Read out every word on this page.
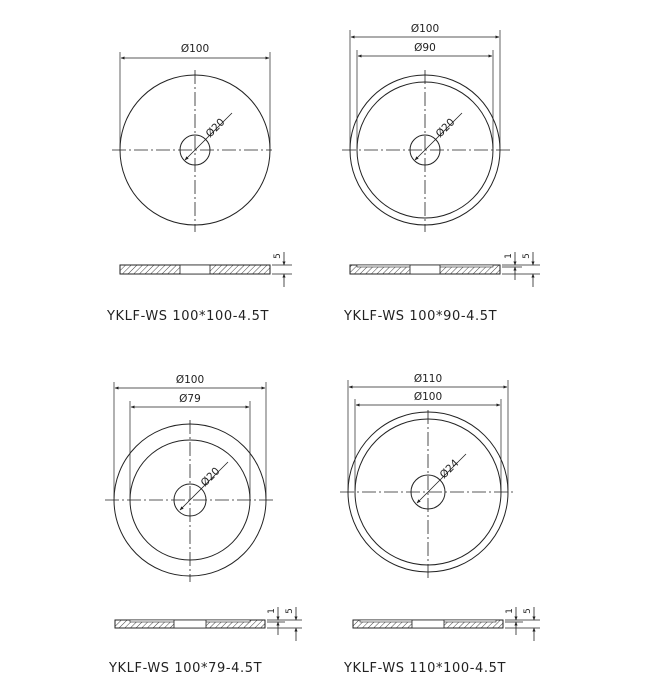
Ø100
Ø20
5
Ø100
Ø90
Ø20
1 5
Ø100
Ø79
Ø20
1 5
Ø110
Ø100
Ø24
1 5
YKLF-WS 100*100-4.5T	YKLF-WS 100*90-4.5T
YKLF-WS 100*79-4.5T	YKLF-WS 110*100-4.5T
